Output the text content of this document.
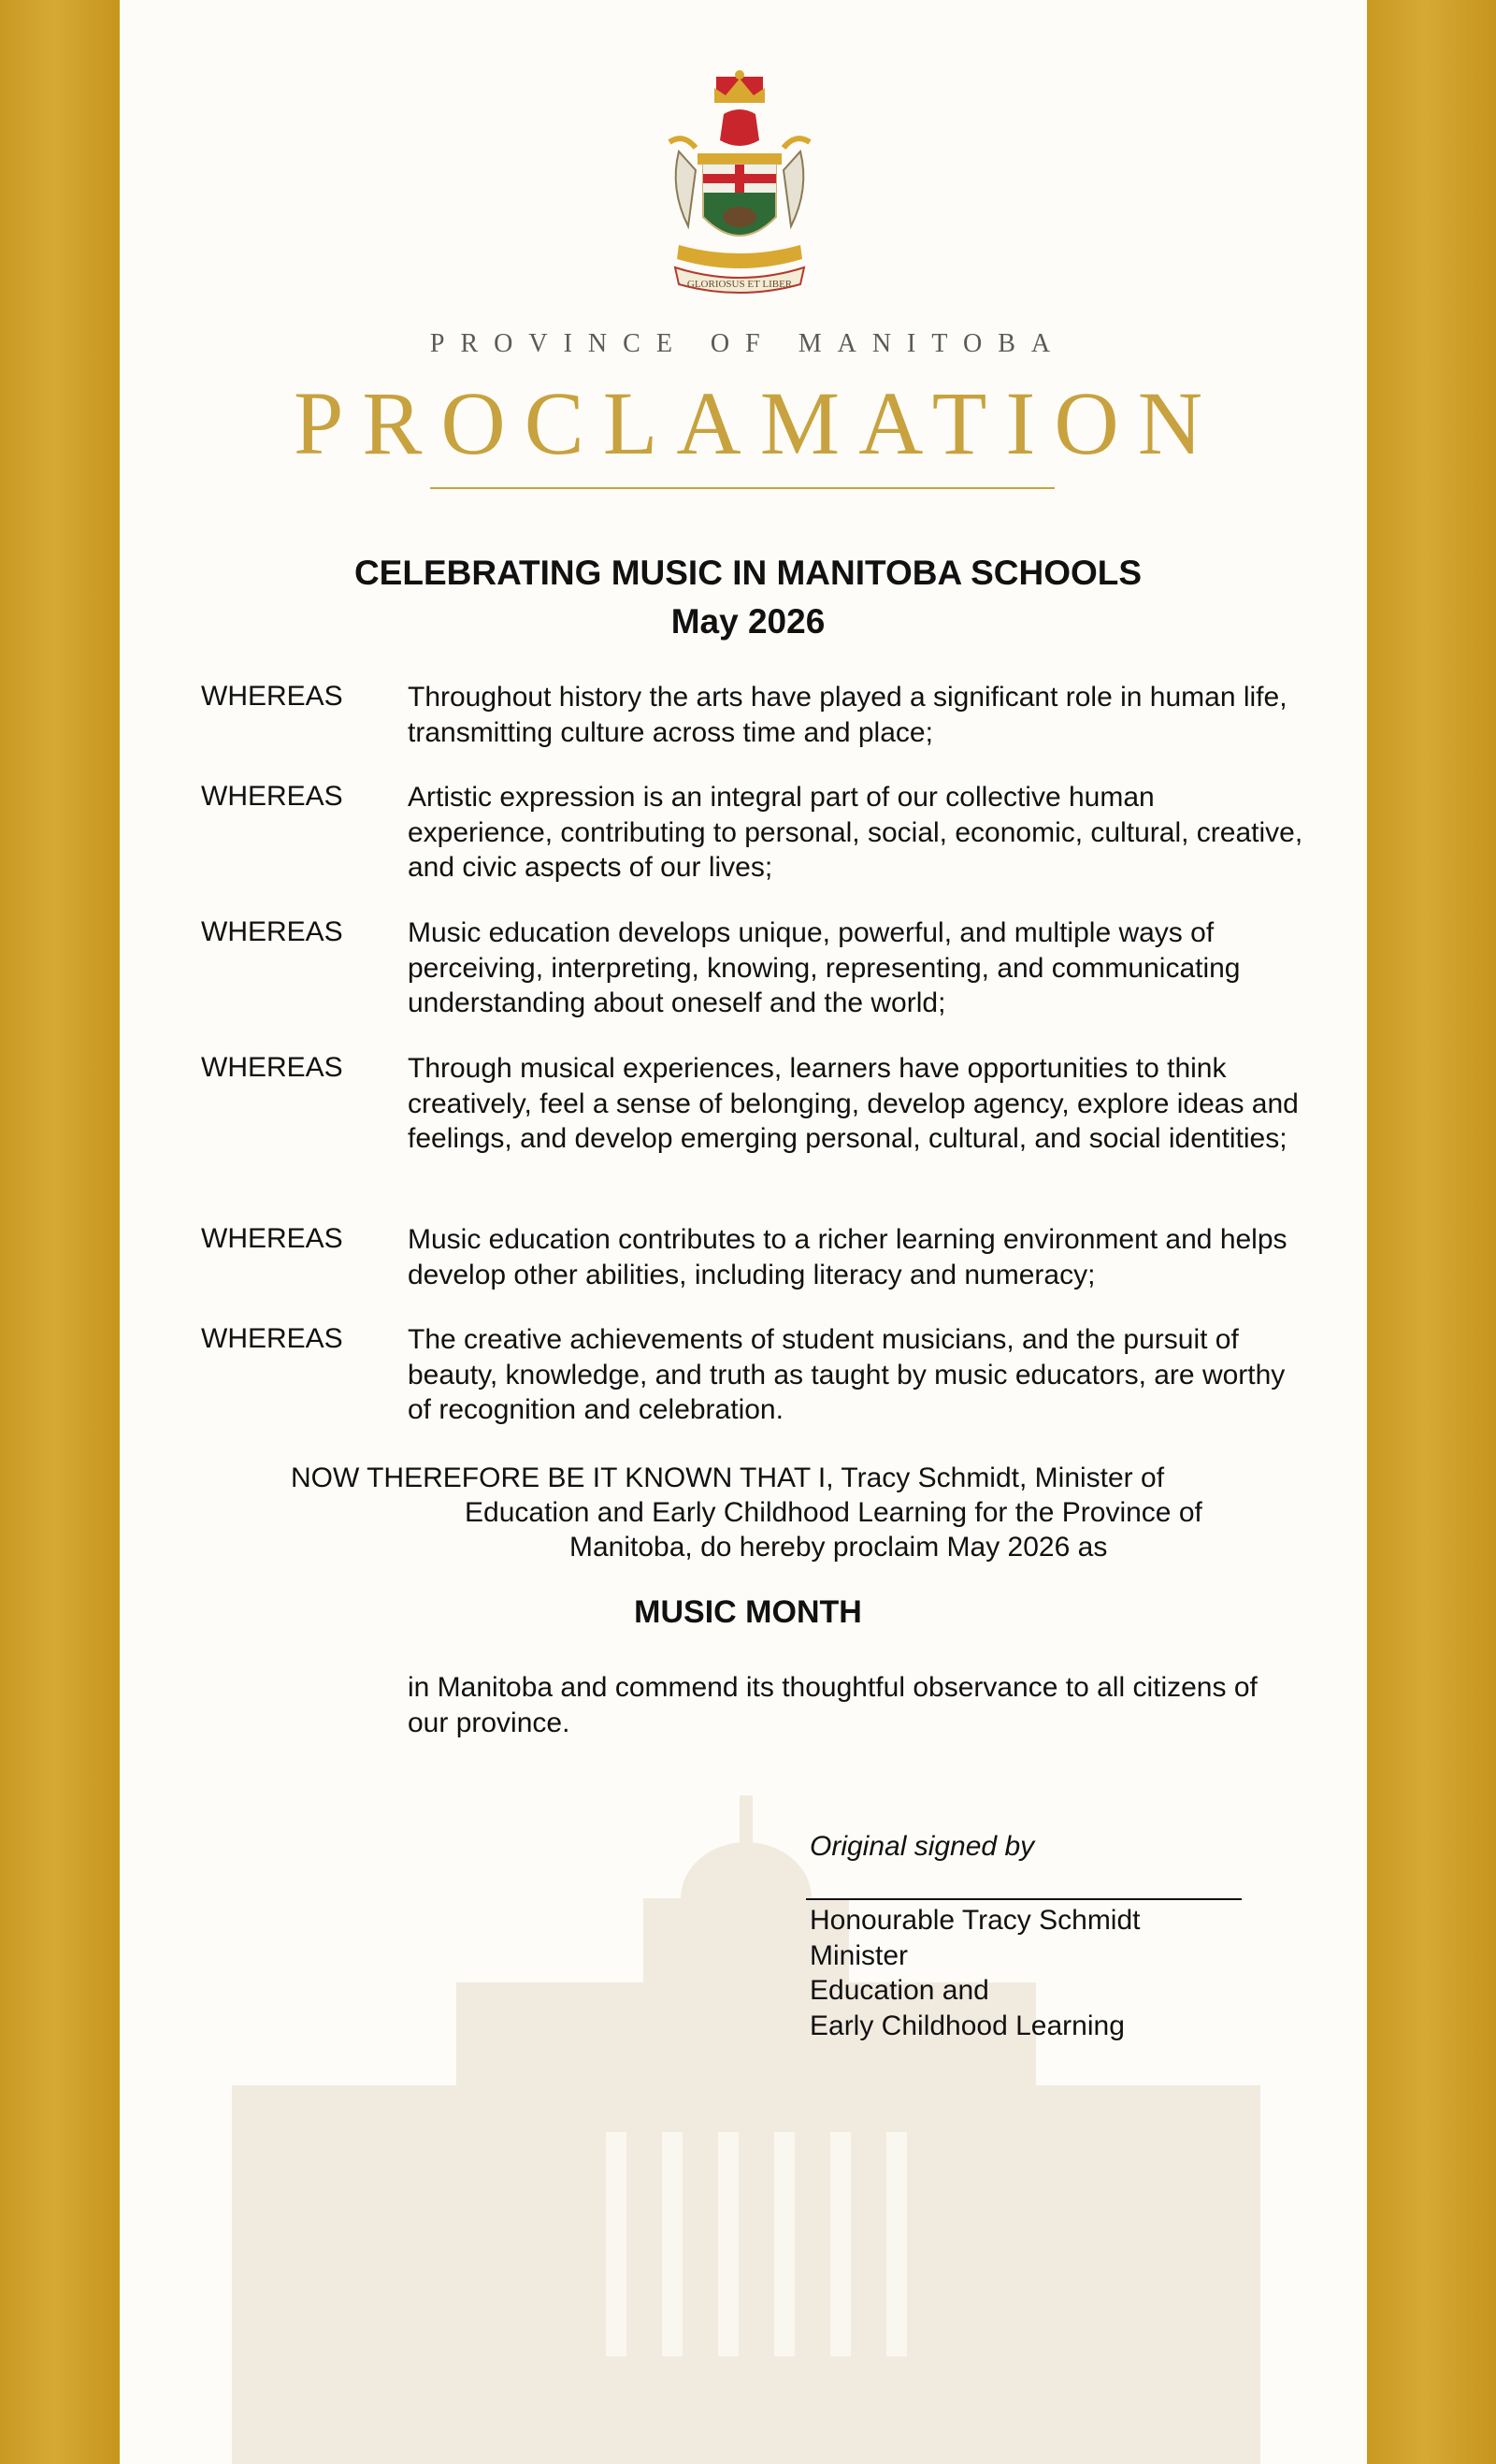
GLORIOSUS ET LIBER
PROVINCE OF MANITOBA
PROCLAMATION
CELEBRATING MUSIC IN MANITOBA SCHOOLS
May 2026
WHEREAS Throughout history the arts have played a significant role in human life, transmitting culture across time and place;
WHEREAS Artistic expression is an integral part of our collective human experience, contributing to personal, social, economic, cultural, creative, and civic aspects of our lives;
WHEREAS Music education develops unique, powerful, and multiple ways of perceiving, interpreting, knowing, representing, and communicating understanding about oneself and the world;
WHEREAS Through musical experiences, learners have opportunities to think creatively, feel a sense of belonging, develop agency, explore ideas and feelings, and develop emerging personal, cultural, and social identities;
WHEREAS Music education contributes to a richer learning environment and helps develop other abilities, including literacy and numeracy;
WHEREAS The creative achievements of student musicians, and the pursuit of beauty, knowledge, and truth as taught by music educators, are worthy of recognition and celebration.
NOW THEREFORE BE IT KNOWN THAT I, Tracy Schmidt, Minister of
Education and Early Childhood Learning for the Province of
Manitoba, do hereby proclaim May 2026 as
MUSIC MONTH
in Manitoba and commend its thoughtful observance to all citizens of our province.
Original signed by
Honourable Tracy Schmidt
Minister
Education and
Early Childhood Learning
